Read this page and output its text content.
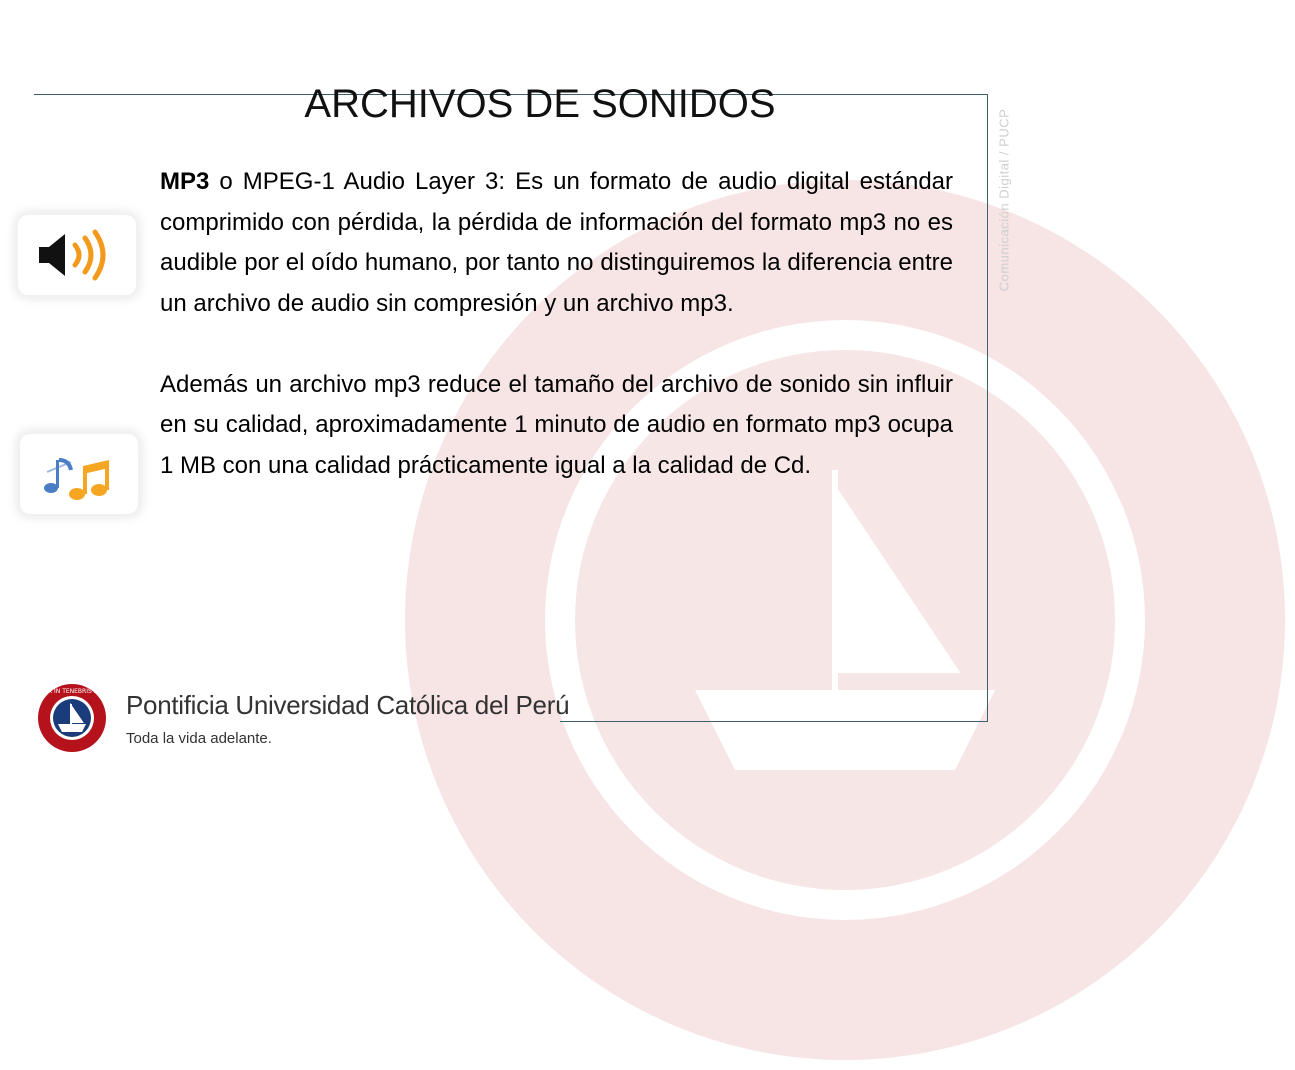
Comunicación Digital / PUCP
ARCHIVOS DE SONIDOS

MP3 o MPEG-1 Audio Layer 3: Es un formato de audio digital estándar comprimido con pérdida, la pérdida de información del formato mp3 no es audible por el oído humano, por tanto no distinguiremos la diferencia entre un archivo de audio sin compresión y un archivo mp3.

Además un archivo mp3 reduce el tamaño del archivo de sonido sin influir en su calidad, aproximadamente 1 minuto de audio en formato mp3 ocupa 1 MB con una calidad prácticamente igual a la calidad de Cd.

ET LUX IN TENEBRIS LUCET Pontificia Universidad Católica del Perú
Toda la vida adelante.
